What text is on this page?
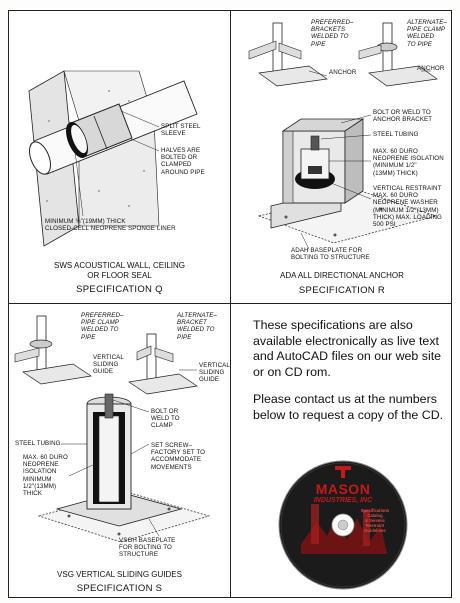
SPLIT STEEL
SLEEVE
HALVES ARE
BOLTED OR
CLAMPED
AROUND PIPE
MINIMUM ¾"(19MM) THICK
CLOSED-CELL NEOPRENE SPONGE LINER
SWS ACOUSTICAL WALL, CEILING
OR FLOOR SEAL
SPECIFICATION Q
PREFERRED–
BRACKETS
WELDED TO
PIPE
ALTERNATE–
PIPE CLAMP
WELDED
TO PIPE
ANCHOR
ANCHOR
BOLT OR WELD TO
ANCHOR BRACKET
STEEL TUBING
MAX. 60 DURO
NEOPRENE ISOLATION
(MINIMUM 1/2"
(13MM) THICK)
VERTICAL RESTRAINT
MAX. 60 DURO
NEOPRENE WASHER
(MINIMUM 1/2"(13MM)
THICK) MAX. LOADING
500 PSI
ADAH BASEPLATE FOR
BOLTING TO STRUCTURE
ADA ALL DIRECTIONAL ANCHOR
SPECIFICATION R
PREFERRED–
PIPE CLAMP
WELDED TO
PIPE
ALTERNATE–
BRACKET
WELDED TO
PIPE
VERTICAL
SLIDING
GUIDE
VERTICAL
SLIDING
GUIDE
BOLT OR
WELD TO
CLAMP
STEEL TUBING
MAX. 60 DURO
NEOPRENE
ISOLATION
MINIMUM
1/2"(13MM)
THICK
SET SCREW–
FACTORY SET TO
ACCOMMODATE
MOVEMENTS
VSGH BASEPLATE
FOR BOLTING TO
STRUCTURE
VSG VERTICAL SLIDING GUIDES
SPECIFICATION S
These specifications are also available electronically as live text and AutoCAD files on our web site or on CD rom.
Please contact us at the numbers below to request a copy of the CD.
MASON
INDUSTRIES, INC
Specifications
Catalog
& Seismic
Restraint
Guidelines
